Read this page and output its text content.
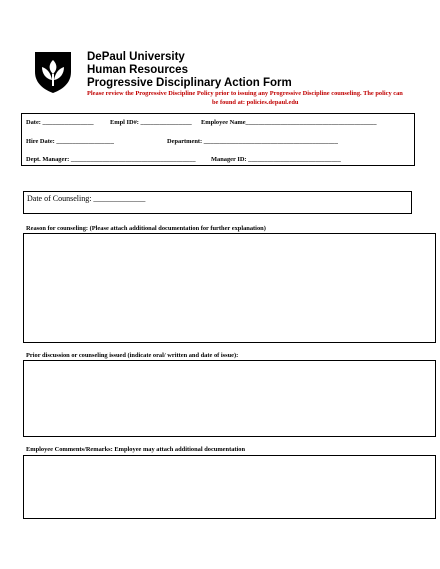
DePaul University
Human Resources
Progressive Disciplinary Action Form
Please review the Progressive Discipline Policy prior to issuing any Progressive Discipline counseling. The policy can
be found at: policies.depaul.edu
Date: ________________	Empl ID#: ________________ Employee Name_________________________________________
Hire Date: __________________	Department: __________________________________________
Dept. Manager: _______________________________________ Manager ID: _____________________________
Date of Counseling: _____________
Reason for counseling: (Please attach additional documentation for further explanation)
Prior discussion or counseling issued (indicate oral/ written and date of issue):
Employee Comments/Remarks: Employee may attach additional documentation
